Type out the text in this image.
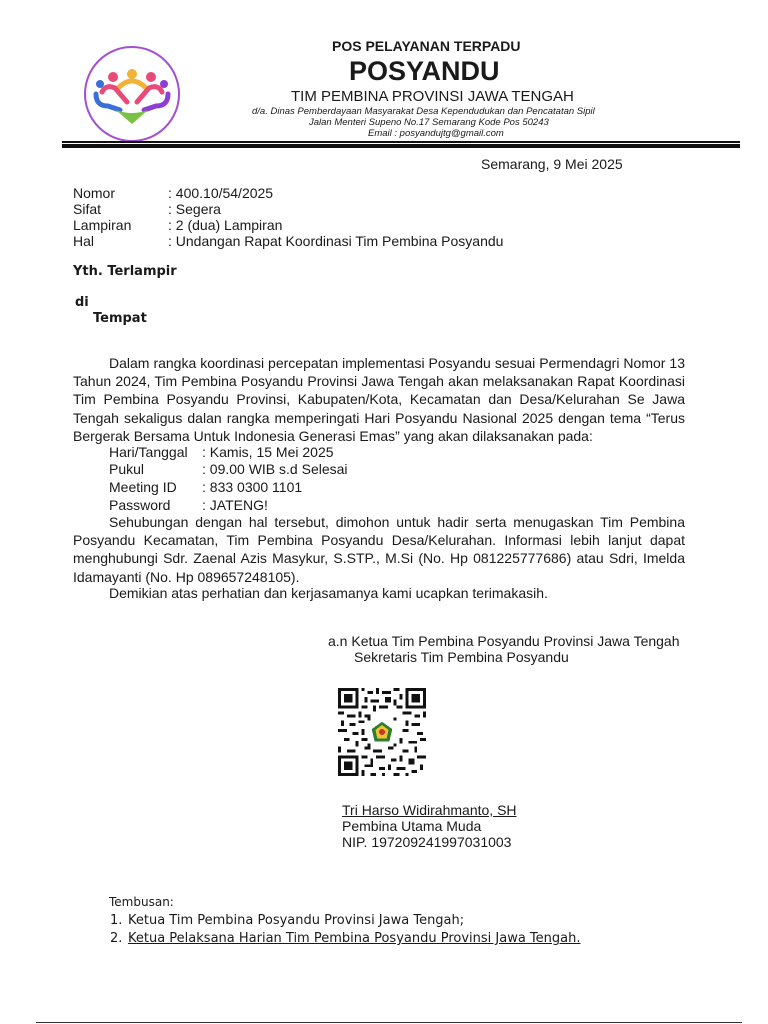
POS PELAYANAN TERPADU
POSYANDU
TIM PEMBINA PROVINSI JAWA TENGAH
d/a. Dinas Pemberdayaan Masyarakat Desa Kependudukan dan Pencatatan Sipil
Jalan Menteri Supeno No.17 Semarang Kode Pos 50243
Email : posyandujtg@gmail.com
Semarang, 9 Mei 2025
Nomor	: 400.10/54/2025
Sifat	: Segera
Lampiran	: 2 (dua) Lampiran
Hal	: Undangan Rapat Koordinasi Tim Pembina Posyandu
Yth. Terlampir
di
Tempat

Dalam rangka koordinasi percepatan implementasi Posyandu sesuai Permendagri Nomor 13 Tahun 2024, Tim Pembina Posyandu Provinsi Jawa Tengah akan melaksanakan Rapat Koordinasi Tim Pembina Posyandu Provinsi, Kabupaten/Kota, Kecamatan dan Desa/Kelurahan Se Jawa Tengah sekaligus dalan rangka memperingati Hari Posyandu Nasional 2025 dengan tema “Terus Bergerak Bersama Untuk Indonesia Generasi Emas” yang akan dilaksanakan pada:

Hari/Tanggal : Kamis, 15 Mei 2025
Pukul	: 09.00 WIB s.d Selesai
Meeting ID : 833 0300 1101
Password : JATENG!

Sehubungan dengan hal tersebut, dimohon untuk hadir serta menugaskan Tim Pembina Posyandu Kecamatan, Tim Pembina Posyandu Desa/Kelurahan. Informasi lebih lanjut dapat menghubungi Sdr. Zaenal Azis Masykur, S.STP., M.Si (No. Hp 081225777686) atau Sdri, Imelda Idamayanti (No. Hp 089657248105).

Demikian atas perhatian dan kerjasamanya kami ucapkan terimakasih.

a.n Ketua Tim Pembina Posyandu Provinsi Jawa Tengah
Sekretaris Tim Pembina Posyandu
Tri Harso Widirahmanto, SH
Pembina Utama Muda
NIP. 197209241997031003
Tembusan:
1. Ketua Tim Pembina Posyandu Provinsi Jawa Tengah;
2. Ketua Pelaksana Harian Tim Pembina Posyandu Provinsi Jawa Tengah.
